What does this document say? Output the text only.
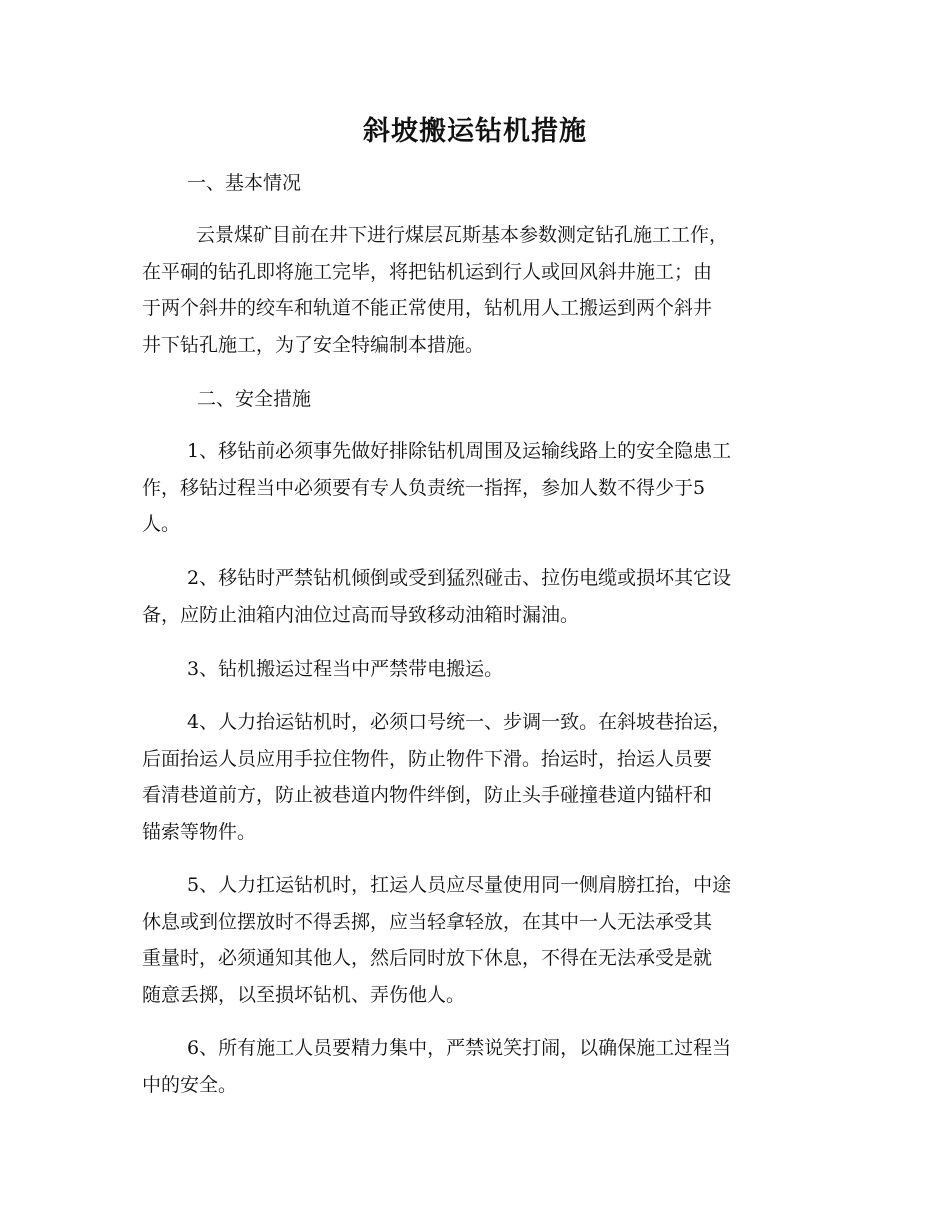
斜坡搬运钻机措施
一、基本情况
云景煤矿目前在井下进行煤层瓦斯基本参数测定钻孔施工工作，
在平硐的钻孔即将施工完毕，将把钻机运到行人或回风斜井施工；由
于两个斜井的绞车和轨道不能正常使用，钻机用人工搬运到两个斜井
井下钻孔施工，为了安全特编制本措施。
二、安全措施
1、移钻前必须事先做好排除钻机周围及运输线路上的安全隐患工
作，移钻过程当中必须要有专人负责统一指挥，参加人数不得少于5
人。
2、移钻时严禁钻机倾倒或受到猛烈碰击、拉伤电缆或损坏其它设
备，应防止油箱内油位过高而导致移动油箱时漏油。
3、钻机搬运过程当中严禁带电搬运。
4、人力抬运钻机时，必须口号统一、步调一致。在斜坡巷抬运，
后面抬运人员应用手拉住物件，防止物件下滑。抬运时，抬运人员要
看清巷道前方，防止被巷道内物件绊倒，防止头手碰撞巷道内锚杆和
锚索等物件。
5、人力扛运钻机时，扛运人员应尽量使用同一侧肩膀扛抬，中途
休息或到位摆放时不得丢掷，应当轻拿轻放，在其中一人无法承受其
重量时，必须通知其他人，然后同时放下休息，不得在无法承受是就
随意丢掷，以至损坏钻机、弄伤他人。
6、所有施工人员要精力集中，严禁说笑打闹，以确保施工过程当
中的安全。
